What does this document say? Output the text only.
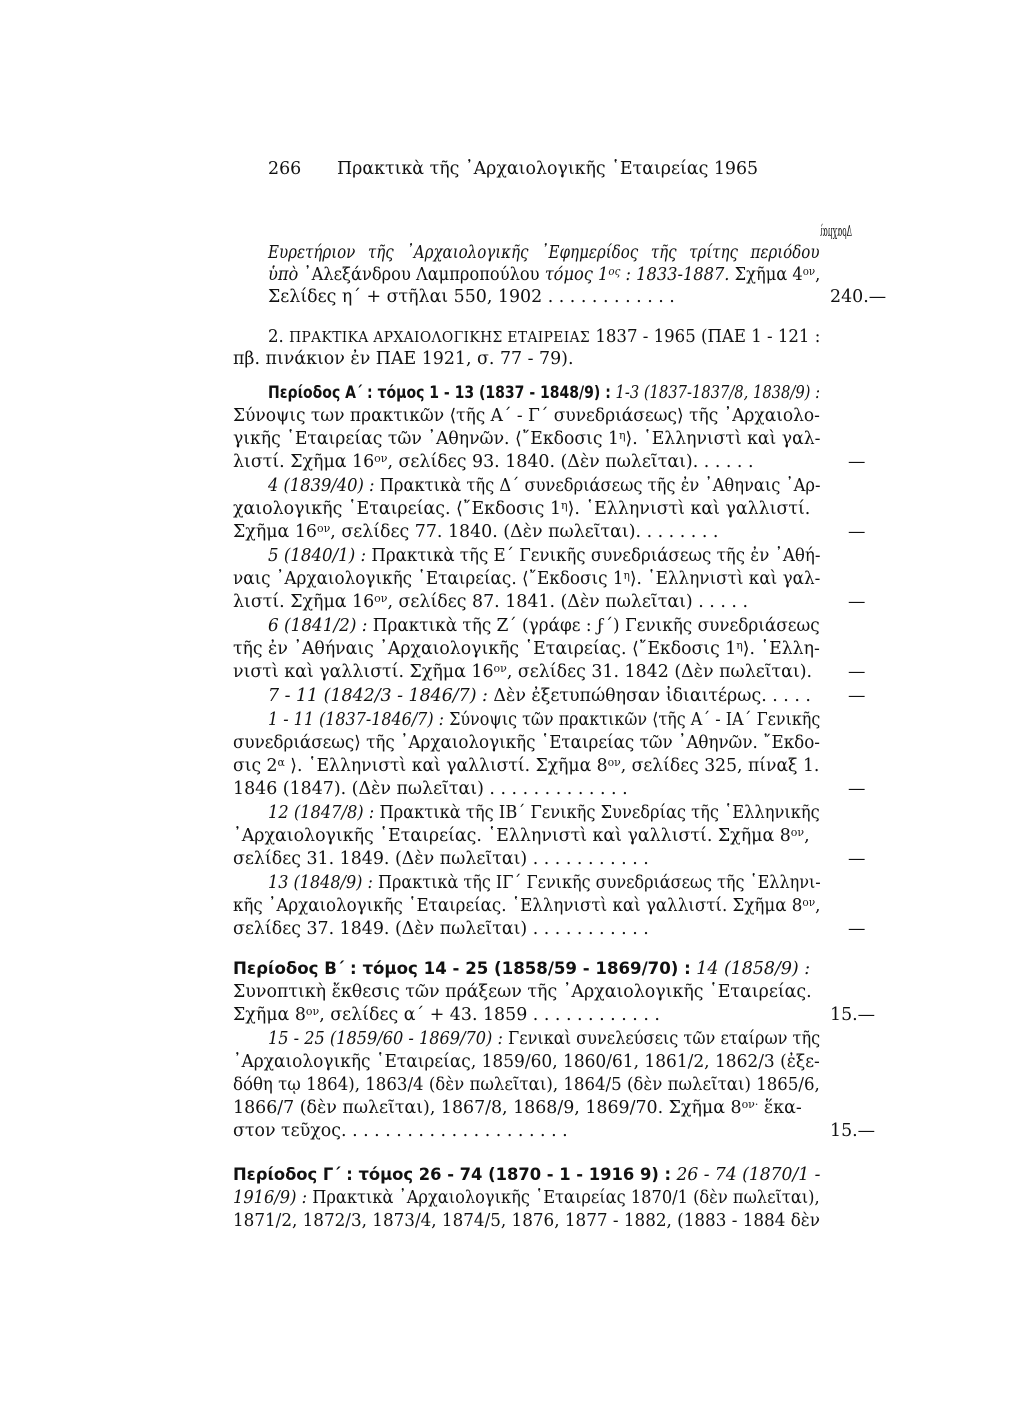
266 Πρακτικὰ τῆς ᾿Αρχαιολογικῆς ῾Εταιρείας 1965
Δραχμαὶ
Ευρετήριον τῆς ᾿Αρχαιολογικῆς ᾿Εφημερίδος τῆς τρίτης περιόδου
ὑπὸ ᾿Αλεξάνδρου Λαμπροπούλου τόμος $1^{o\varsigma}$ : 1833-1887. Σχῆμα $4^{o\nu}$,
Σελίδες η΄ + στῆλαι 550, 1902 . . . . . . . . . . . .	240.—
2. ΠΡΑΚΤΙΚΑ ΑΡΧΑΙΟΛΟΓΙΚΗΣ ΕΤΑΙΡΕΙΑΣ 1837 - 1965 (ΠΑΕ 1 - 121 :
πβ. πινάκιον ἐν ΠΑΕ 1921, σ. 77 - 79).
Περίοδος Α΄ : τόμος 1 - 13 (1837 - 1848/9) : 1-3 (1837-1837/8, 1838/9) :
Σύνοψις των πρακτικῶν ⟨τῆς Α΄ - Γ΄ συνεδριάσεως⟩ τῆς ᾿Αρχαιολο-
γικῆς ῾Εταιρείας τῶν ᾿Αθηνῶν. ⟨῎Εκδοσις $1^\eta⟩$. ῾Ελληνιστὶ καὶ γαλ-
λιστί. Σχῆμα $16^{o\nu}$, σελίδες 93. 1840. (Δὲν πωλεῖται). . . . . .	—
4 (1839/40) : Πρακτικὰ τῆς Δ΄ συνεδριάσεως τῆς ἐν ᾿Αθηναις ᾿Αρ-
χαιολογικῆς ῾Εταιρείας. ⟨῎Εκδοσις $1^\eta⟩$. ῾Ελληνιστὶ καὶ γαλλιστί.
Σχῆμα $16^{o\nu}$, σελίδες 77. 1840. (Δὲν πωλεῖται). . . . . . . .	—
5 (1840/1) : Πρακτικὰ τῆς Ε΄ Γενικῆς συνεδριάσεως τῆς ἐν ᾿Αθή-
ναις ᾿Αρχαιολογικῆς ῾Εταιρείας. ⟨῎Εκδοσις $1^\eta⟩$. ῾Ελληνιστὶ καὶ γαλ-
λιστί. Σχῆμα $16^{o\nu}$, σελίδες 87. 1841. (Δὲν πωλεῖται) . . . . .	—
6 (1841/2) : Πρακτικὰ τῆς Ζ΄ (γράφε : ϝ΄) Γενικῆς συνεδριάσεως
τῆς ἐν ᾿Αθήναις ᾿Αρχαιολογικῆς ῾Εταιρείας. ⟨῎Εκδοσις $1^\eta⟩$. ῾Ελλη-
νιστὶ καὶ γαλλιστί. Σχῆμα $16^{o\nu}$, σελίδες 31. 1842 (Δὲν πωλεῖται). —
7 - 11 (1842/3 - 1846/7) : Δὲν ἐξετυπώθησαν ἰδιαιτέρως. . . . . —
1 - 11 (1837-1846/7) : Σύνοψις τῶν πρακτικῶν ⟨τῆς Α΄ - ΙΑ΄ Γενικῆς
συνεδριάσεως⟩ τῆς ᾿Αρχαιολογικῆς ῾Εταιρείας τῶν ᾿Αθηνῶν. ῎Εκδο-
σις $2^\alpha$ ⟩. ῾Ελληνιστὶ καὶ γαλλιστί. Σχῆμα $8^{o\nu}$, σελίδες 325, πίναξ 1.
1846 (1847). (Δὲν πωλεῖται) . . . . . . . . . . . . .	—
12 (1847/8) : Πρακτικὰ τῆς ΙΒ΄ Γενικῆς Συνεδρίας τῆς ῾Ελληνικῆς
᾿Αρχαιολογικῆς ῾Εταιρείας. ῾Ελληνιστὶ καὶ γαλλιστί. Σχῆμα $8^{o\nu}$,
σελίδες 31. 1849. (Δὲν πωλεῖται) . . . . . . . . . . .	—
13 (1848/9) : Πρακτικὰ τῆς ΙΓ΄ Γενικῆς συνεδριάσεως τῆς ῾Ελληνι-
κῆς ᾿Αρχαιολογικῆς ῾Εταιρείας. ῾Ελληνιστὶ καὶ γαλλιστί. Σχῆμα $8^{o\nu}$,
σελίδες 37. 1849. (Δὲν πωλεῖται) . . . . . . . . . . .	—
Περίοδος Β΄ : τόμος 14 - 25 (1858/59 - 1869/70) : 14 (1858/9) :
Συνοπτικὴ ἔκθεσις τῶν πράξεων τῆς ᾿Αρχαιολογικῆς ῾Εταιρείας.
Σχῆμα $8^{o\nu}$, σελίδες α΄ + 43. 1859 . . . . . . . . . . . .	15.—
15 - 25 (1859/60 - 1869/70) : Γενικαὶ συνελεύσεις τῶν εταίρων τῆς
᾿Αρχαιολογικῆς ῾Εταιρείας, 1859/60, 1860/61, 1861/2, 1862/3 (ἐξε-
δόθη τῳ 1864), 1863/4 (δὲν πωλεῖται), 1864/5 (δὲν πωλεῖται) 1865/6,
1866/7 (δὲν πωλεῖται), 1867/8, 1868/9, 1869/70. Σχῆμα $8^{o\nu\cdot}$ ἕκα-
στον τεῦχος. . . . . . . . . . . . . . . . . . . . .	15.—
Περίοδος Γ΄ : τόμος 26 - 74 (1870 - 1 - 1916 9) : 26 - 74 (1870/1 -
1916/9) : Πρακτικὰ ᾿Αρχαιολογικῆς ῾Εταιρείας 1870/1 (δὲν πωλεῖται),
1871/2, 1872/3, 1873/4, 1874/5, 1876, 1877 - 1882, (1883 - 1884 δὲν
